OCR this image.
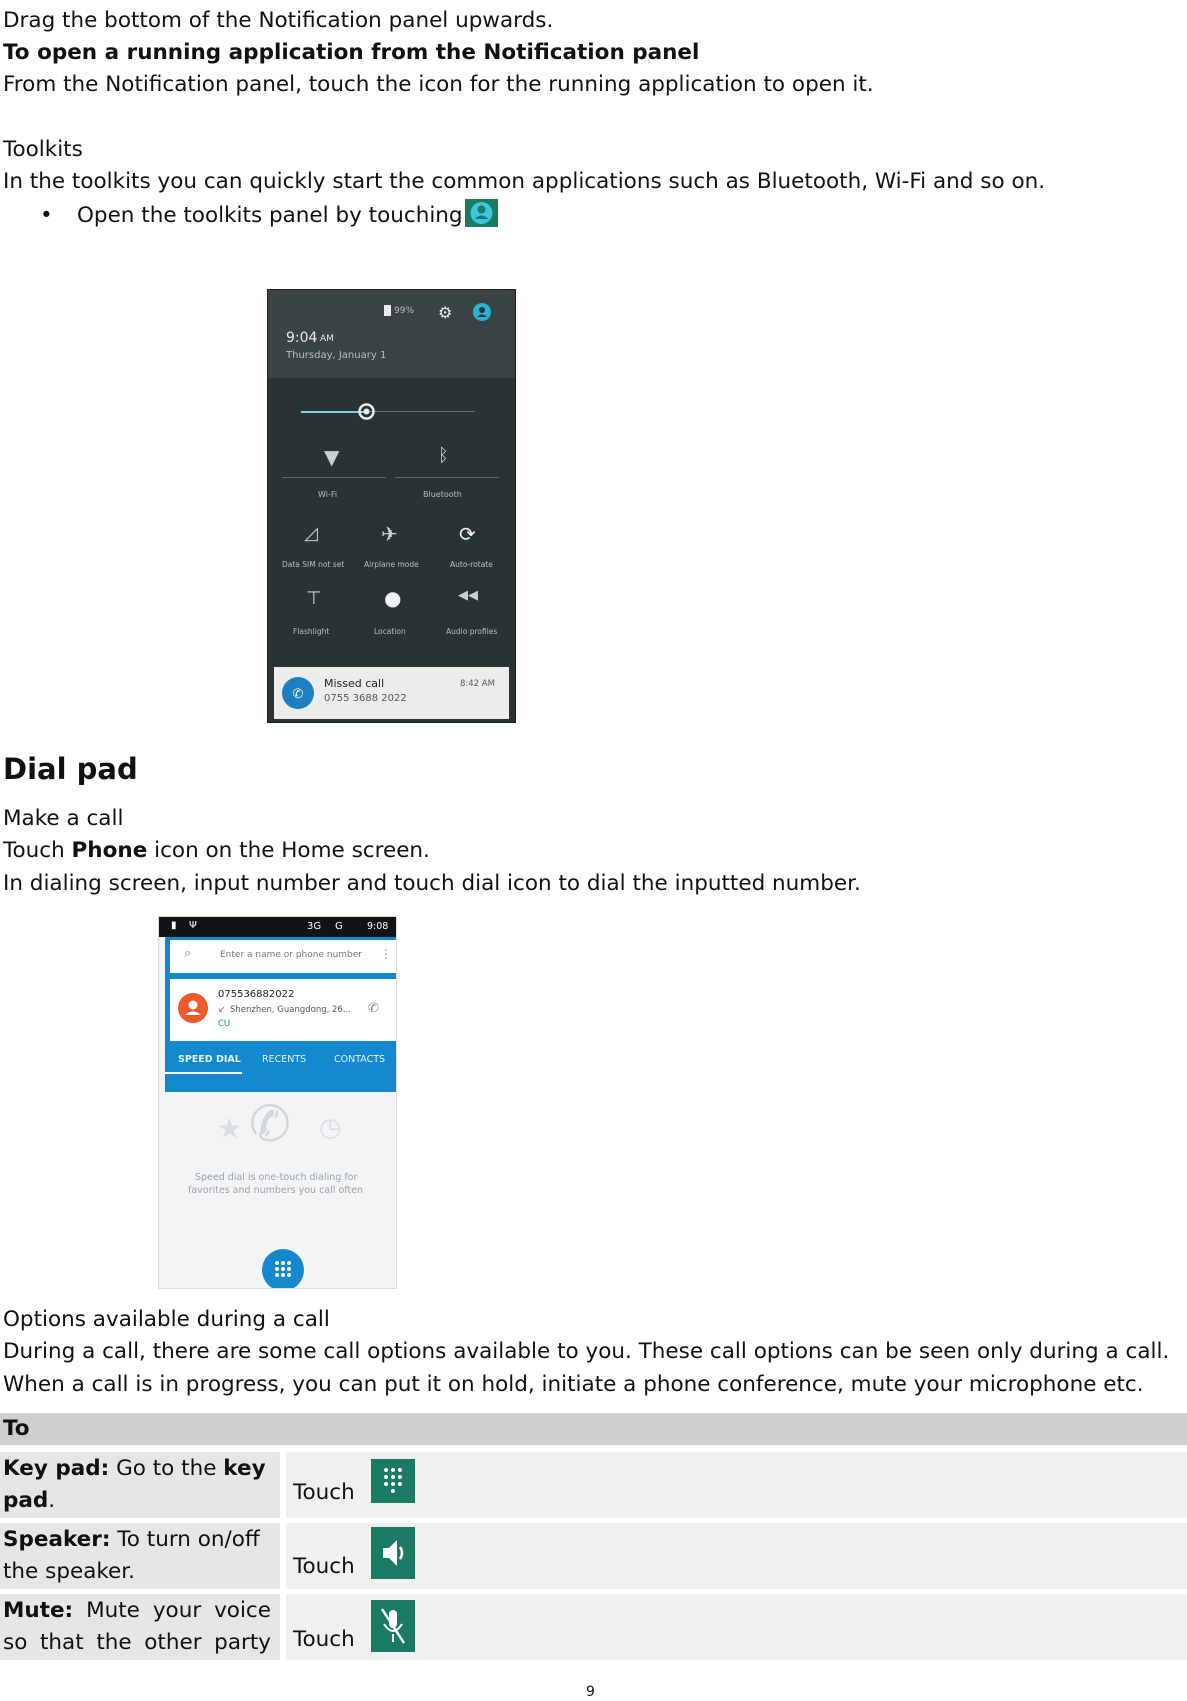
Drag the bottom of the Notification panel upwards.
To open a running application from the Notification panel
From the Notification panel, touch the icon for the running application to open it.
Toolkits
In the toolkits you can quickly start the common applications such as Bluetooth, Wi-Fi and so on.
• Open the toolkits panel by touching
99% ⚙
9:04 AM
Thursday, January 1
▼	ᛒ
Wi-Fi	Bluetooth
◿	✈	⟳
Data SIM not set	Airplane mode	Auto-rotate
⊤	●	◀◀
Flashlight	Location	Audio profiles
✆
Missed call
0755 3688 2022
8:42 AM
Dial pad
Make a call
Touch Phone icon on the Home screen.
In dialing screen, input number and touch dial icon to dial the inputted number.
▮ Ψ	3G G	9:08
⌕	Enter a name or phone number ⋮
075536882022
↙ Shenzhen, Guangdong, 26...
CU
✆
SPEED DIAL RECENTS	CONTACTS
★ ✆ ◷
Speed dial is one-touch dialing for
favorites and numbers you call often
Options available during a call
During a call, there are some call options available to you. These call options can be seen only during a call.
When a call is in progress, you can put it on hold, initiate a phone conference, mute your microphone etc.
To
Key pad: Go to the key
pad.	Touch
Speaker: To turn on/off
the speaker.	Touch
Mute: Mute your voice
so that the other party Touch
9
